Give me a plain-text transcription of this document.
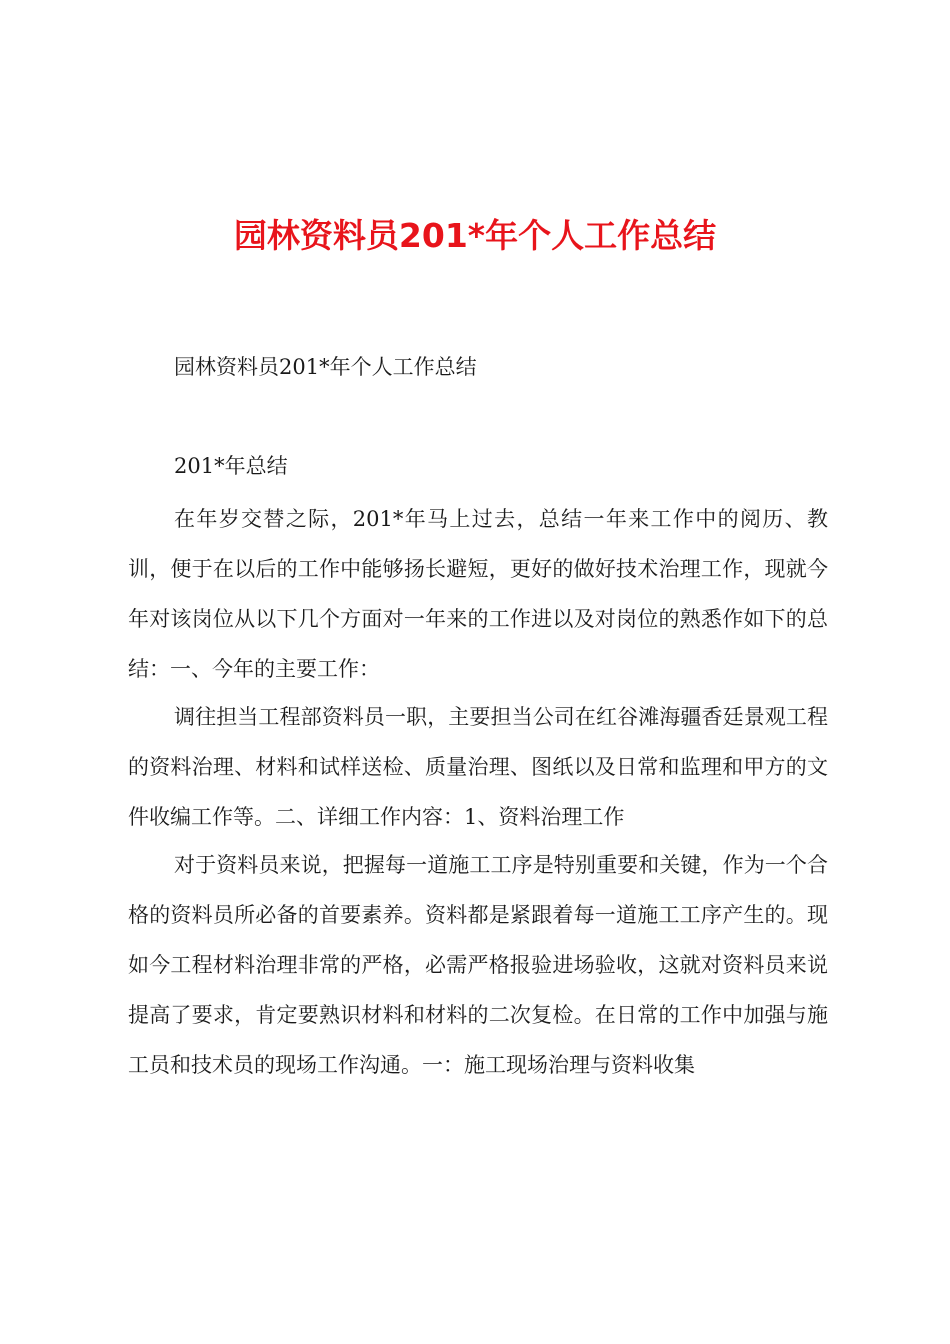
园林资料员201*年个人工作总结

园林资料员201*年个人工作总结

201*年总结

在年岁交替之际，201*年马上过去，总结一年来工作中的阅历、教训，便于在以后的工作中能够扬长避短，更好的做好技术治理工作，现就今年对该岗位从以下几个方面对一年来的工作进以及对岗位的熟悉作如下的总结：一、今年的主要工作：

调往担当工程部资料员一职，主要担当公司在红谷滩海疆香廷景观工程的资料治理、材料和试样送检、质量治理、图纸以及日常和监理和甲方的文件收编工作等。二、详细工作内容：1、资料治理工作

对于资料员来说，把握每一道施工工序是特别重要和关键，作为一个合格的资料员所必备的首要素养。资料都是紧跟着每一道施工工序产生的。现如今工程材料治理非常的严格，必需严格报验进场验收，这就对资料员来说提高了要求，肯定要熟识材料和材料的二次复检。在日常的工作中加强与施工员和技术员的现场工作沟通。一：施工现场治理与资料收集
